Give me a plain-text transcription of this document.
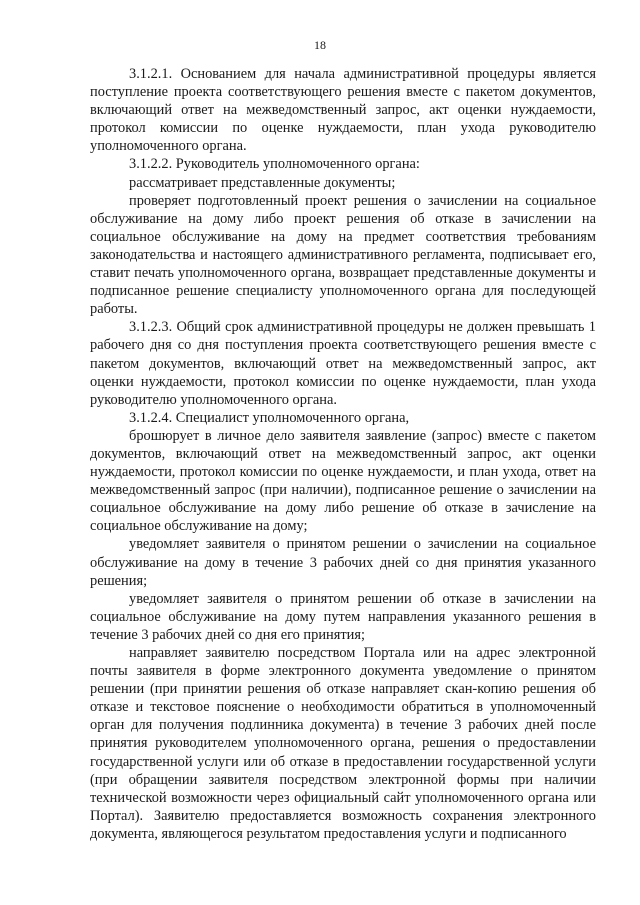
18

3.1.2.1. Основанием для начала административной процедуры является поступление проекта соответствующего решения вместе с пакетом документов, включающий ответ на межведомственный запрос, акт оценки нуждаемости, протокол комиссии по оценке нуждаемости, план ухода руководителю уполномоченного органа.

3.1.2.2. Руководитель уполномоченного органа:

рассматривает представленные документы;

проверяет подготовленный проект решения о зачислении на социальное обслуживание на дому либо проект решения об отказе в зачислении на социальное обслуживание на дому на предмет соответствия требованиям законодательства и настоящего административного регламента, подписывает его, ставит печать уполномоченного органа, возвращает представленные документы и подписанное решение специалисту уполномоченного органа для последующей работы.

3.1.2.3. Общий срок административной процедуры не должен превышать 1 рабочего дня со дня поступления проекта соответствующего решения вместе с пакетом документов, включающий ответ на межведомственный запрос, акт оценки нуждаемости, протокол комиссии по оценке нуждаемости, план ухода руководителю уполномоченного органа.

3.1.2.4. Специалист уполномоченного органа,

брошюрует в личное дело заявителя заявление (запрос) вместе с пакетом документов, включающий ответ на межведомственный запрос, акт оценки нуждаемости, протокол комиссии по оценке нуждаемости, и план ухода, ответ на межведомственный запрос (при наличии), подписанное решение о зачислении на социальное обслуживание на дому либо решение об отказе в зачисление на социальное обслуживание на дому;

уведомляет заявителя о принятом решении о зачислении на социальное обслуживание на дому в течение 3 рабочих дней со дня принятия указанного решения;

уведомляет заявителя о принятом решении об отказе в зачислении на социальное обслуживание на дому путем направления указанного решения в течение 3 рабочих дней со дня его принятия;

направляет заявителю посредством Портала или на адрес электронной почты заявителя в форме электронного документа уведомление о принятом решении (при принятии решения об отказе направляет скан-копию решения об отказе и текстовое пояснение о необходимости обратиться в уполномоченный орган для получения подлинника документа) в течение 3 рабочих дней после принятия руководителем уполномоченного органа, решения о предоставлении государственной услуги или об отказе в предоставлении государственной услуги (при обращении заявителя посредством электронной формы при наличии технической возможности через официальный сайт уполномоченного органа или Портал). Заявителю предоставляется возможность сохранения электронного документа, являющегося результатом предоставления услуги и подписанного
